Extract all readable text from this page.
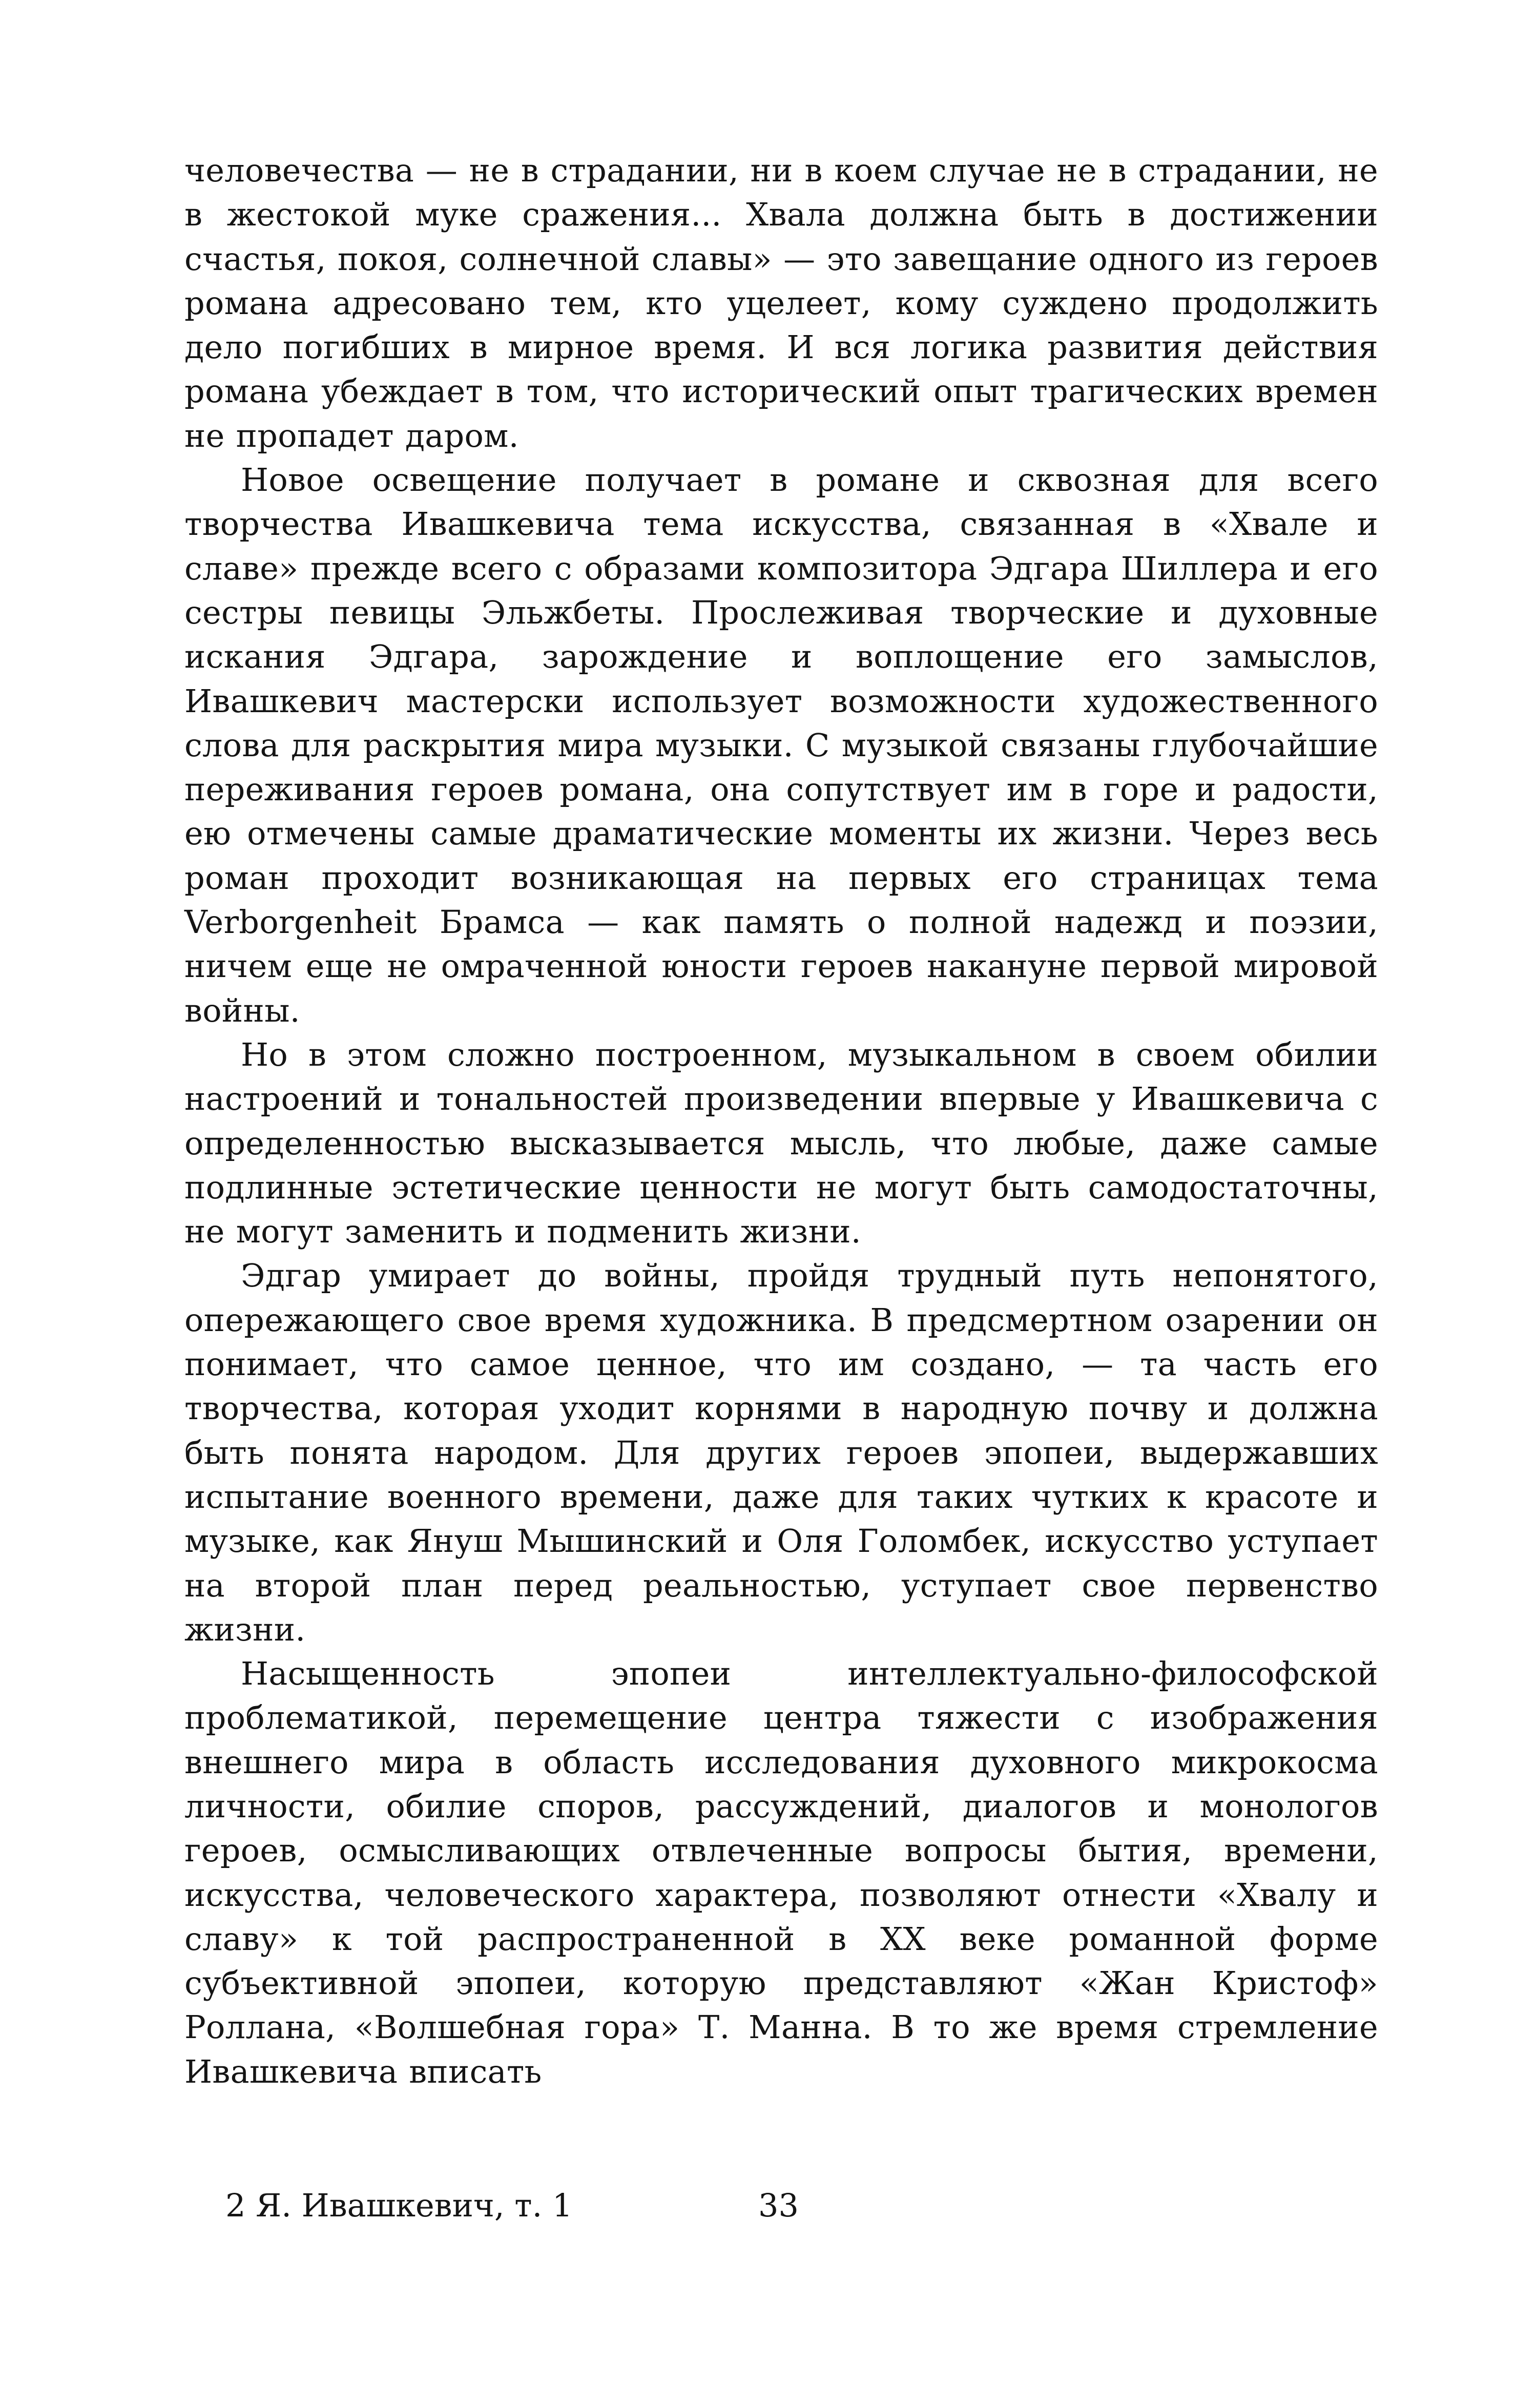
человечества — не в страдании, ни в коем случае не в страдании, не в жестокой муке сражения... Хвала должна быть в достижении счастья, покоя, солнечной славы» — это завещание одного из героев романа адресовано тем, кто уцелеет, кому суждено продолжить дело погибших в мирное время. И вся логика развития действия романа убеждает в том, что исторический опыт трагических времен не пропадет даром.

Новое освещение получает в романе и сквозная для всего творчества Ивашкевича тема искусства, связанная в «Хвале и славе» прежде всего с образами композитора Эдгара Шиллера и его сестры певицы Эльжбеты. Прослеживая творческие и духовные искания Эдгара, зарождение и воплощение его замыслов, Ивашкевич мастерски использует возможности художественного слова для раскрытия мира музыки. С музыкой связаны глубочайшие переживания героев романа, она сопутствует им в горе и радости, ею отмечены самые драматические моменты их жизни. Через весь роман проходит возникающая на первых его страницах тема Verborgenheit Брамса — как память о полной надежд и поэзии, ничем еще не омраченной юности героев накануне первой мировой войны.

Но в этом сложно построенном, музыкальном в своем обилии настроений и тональностей произведении впервые у Ивашкевича с определенностью высказывается мысль, что любые, даже самые подлинные эстетические ценности не могут быть самодостаточны, не могут заменить и подменить жизни.

Эдгар умирает до войны, пройдя трудный путь непонятого, опережающего свое время художника. В предсмертном озарении он понимает, что самое ценное, что им создано, — та часть его творчества, которая уходит корнями в народную почву и должна быть понята народом. Для других героев эпопеи, выдержавших испытание военного времени, даже для таких чутких к красоте и музыке, как Януш Мышинский и Оля Голомбек, искусство уступает на второй план перед реальностью, уступает свое первенство жизни.

Насыщенность эпопеи интеллектуально-философской проблематикой, перемещение центра тяжести с изображения внешнего мира в область исследования духовного микрокосма личности, обилие споров, рассуждений, диалогов и монологов героев, осмысливающих отвлеченные вопросы бытия, времени, искусства, человеческого характера, позволяют отнести «Хвалу и славу» к той распространенной в XX веке романной форме субъективной эпопеи, которую представляют «Жан Кристоф» Роллана, «Волшебная гора» Т. Манна. В то же время стремление Ивашкевича вписать

2 Я. Ивашкевич, т. 1	33
